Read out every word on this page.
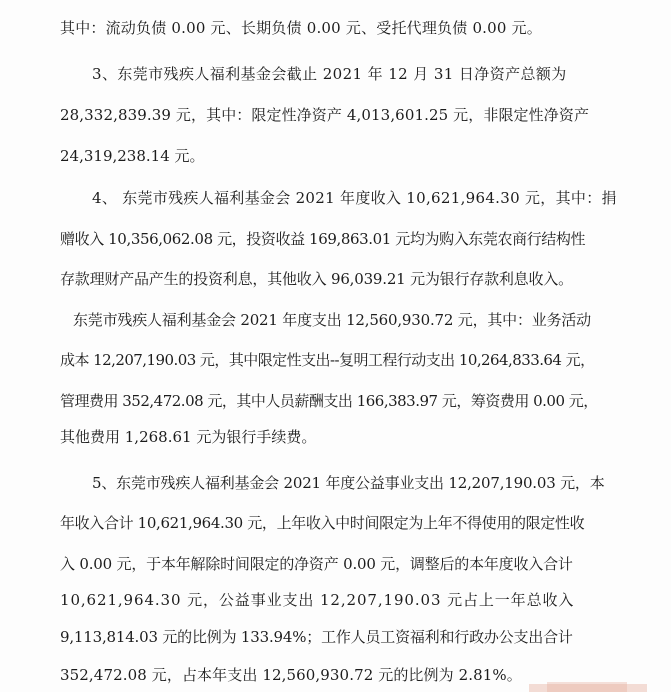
其中：流动负债 0.00 元、长期负债 0.00 元、受托代理负债 0.00 元。
3、东莞市残疾人福利基金会截止 2021 年 12 月 31 日净资产总额为
28,332,839.39 元，其中：限定性净资产 4,013,601.25 元，非限定性净资产
24,319,238.14 元。
4、 东莞市残疾人福利基金会 2021 年度收入 10,621,964.30 元，其中：捐
赠收入 10,356,062.08 元，投资收益 169,863.01 元均为购入东莞农商行结构性
存款理财产品产生的投资利息，其他收入 96,039.21 元为银行存款利息收入。
东莞市残疾人福利基金会 2021 年度支出 12,560,930.72 元，其中：业务活动
成本 12,207,190.03 元，其中限定性支出--复明工程行动支出 10,264,833.64 元，
管理费用 352,472.08 元，其中人员薪酬支出 166,383.97 元，筹资费用 0.00 元，
其他费用 1,268.61 元为银行手续费。
5、东莞市残疾人福利基金会 2021 年度公益事业支出 12,207,190.03 元，本
年收入合计 10,621,964.30 元，上年收入中时间限定为上年不得使用的限定性收
入 0.00 元，于本年解除时间限定的净资产 0.00 元，调整后的本年度收入合计
10,621,964.30 元，公益事业支出 12,207,190.03 元占上一年总收入
9,113,814.03 元的比例为 133.94%；工作人员工资福利和行政办公支出合计
352,472.08 元，占本年支出 12,560,930.72 元的比例为 2.81%。
